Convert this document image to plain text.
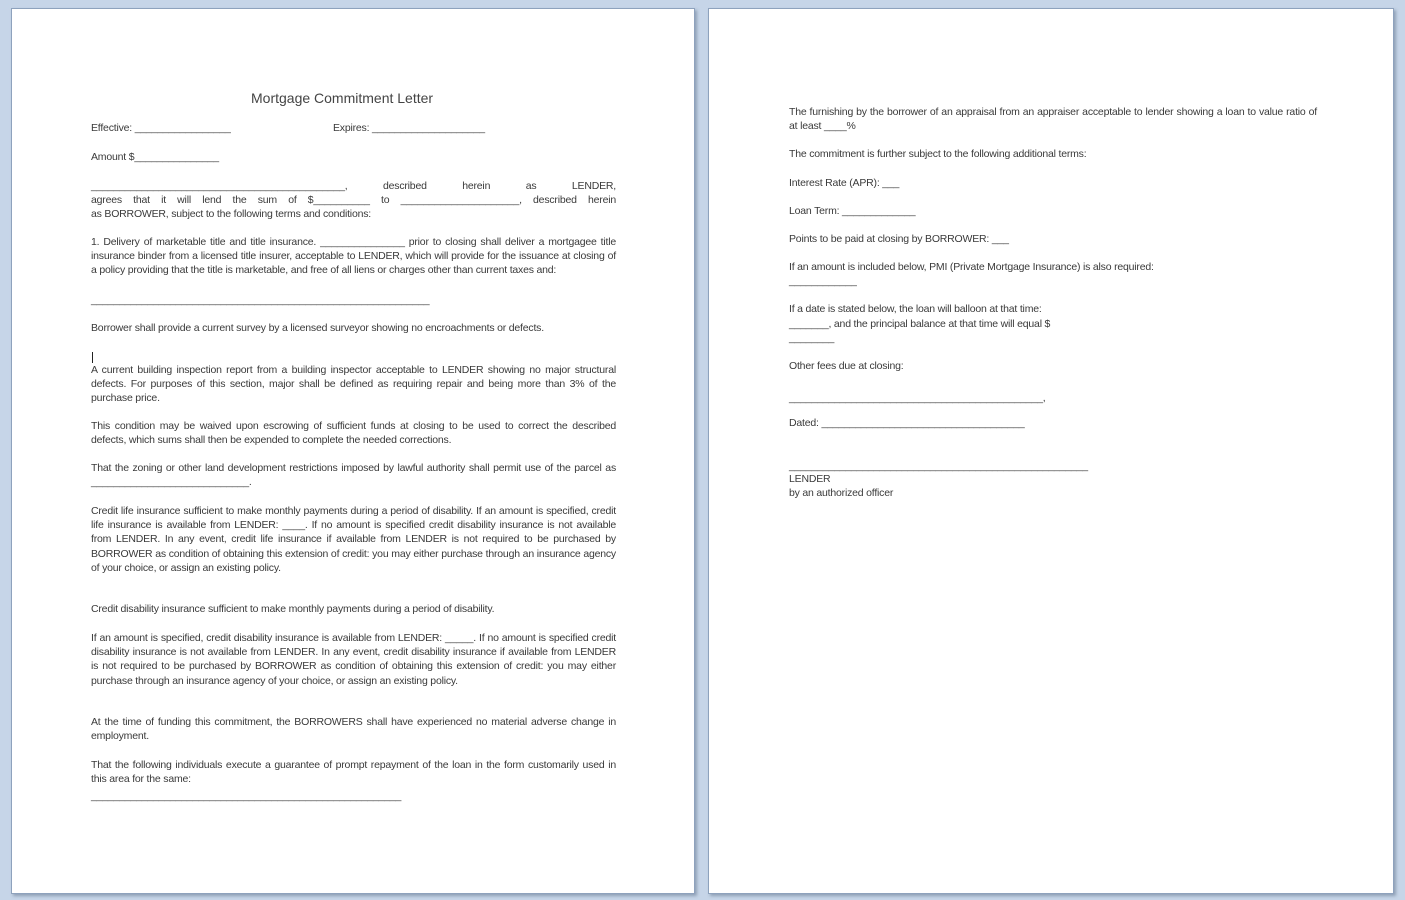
Mortgage Commitment Letter
Effective: _________________	Expires: ____________________
Amount $_______________
_____________________________________________, described herein as LENDER,
agrees that it will lend the sum of $__________ to _____________________, described herein
as BORROWER, subject to the following terms and conditions:
1. Delivery of marketable title and title insurance. _______________ prior to closing shall deliver a mortgagee title insurance binder from a licensed title insurer, acceptable to LENDER, which will provide for the issuance at closing of a policy providing that the title is marketable, and free of all liens or charges other than current taxes and:
____________________________________________________________
Borrower shall provide a current survey by a licensed surveyor showing no encroachments or defects.
A current building inspection report from a building inspector acceptable to LENDER showing no major structural defects. For purposes of this section, major shall be defined as requiring repair and being more than 3% of the purchase price.
This condition may be waived upon escrowing of sufficient funds at closing to be used to correct the described defects, which sums shall then be expended to complete the needed corrections.
That the zoning or other land development restrictions imposed by lawful authority shall permit use of the parcel as ____________________________.
Credit life insurance sufficient to make monthly payments during a period of disability. If an amount is specified, credit life insurance is available from LENDER: ____. If no amount is specified credit disability insurance is not available from LENDER. In any event, credit life insurance if available from LENDER is not required to be purchased by BORROWER as condition of obtaining this extension of credit: you may either purchase through an insurance agency of your choice, or assign an existing policy.
Credit disability insurance sufficient to make monthly payments during a period of disability.
If an amount is specified, credit disability insurance is available from LENDER: _____. If no amount is specified credit disability insurance is not available from LENDER. In any event, credit disability insurance if available from LENDER is not required to be purchased by BORROWER as condition of obtaining this extension of credit: you may either purchase through an insurance agency of your choice, or assign an existing policy.
At the time of funding this commitment, the BORROWERS shall have experienced no material adverse change in employment.
That the following individuals execute a guarantee of prompt repayment of the loan in the form customarily used in this area for the same:
_______________________________________________________
The furnishing by the borrower of an appraisal from an appraiser acceptable to lender showing a loan to value ratio of at least ____%
The commitment is further subject to the following additional terms:
Interest Rate (APR): ___
Loan Term: _____________
Points to be paid at closing by BORROWER: ___
If an amount is included below, PMI (Private Mortgage Insurance) is also required:
____________
If a date is stated below, the loan will balloon at that time:
_______, and the principal balance at that time will equal $
________
Other fees due at closing:
_____________________________________________,
Dated: ____________________________________
_____________________________________________________
LENDER
by an authorized officer
